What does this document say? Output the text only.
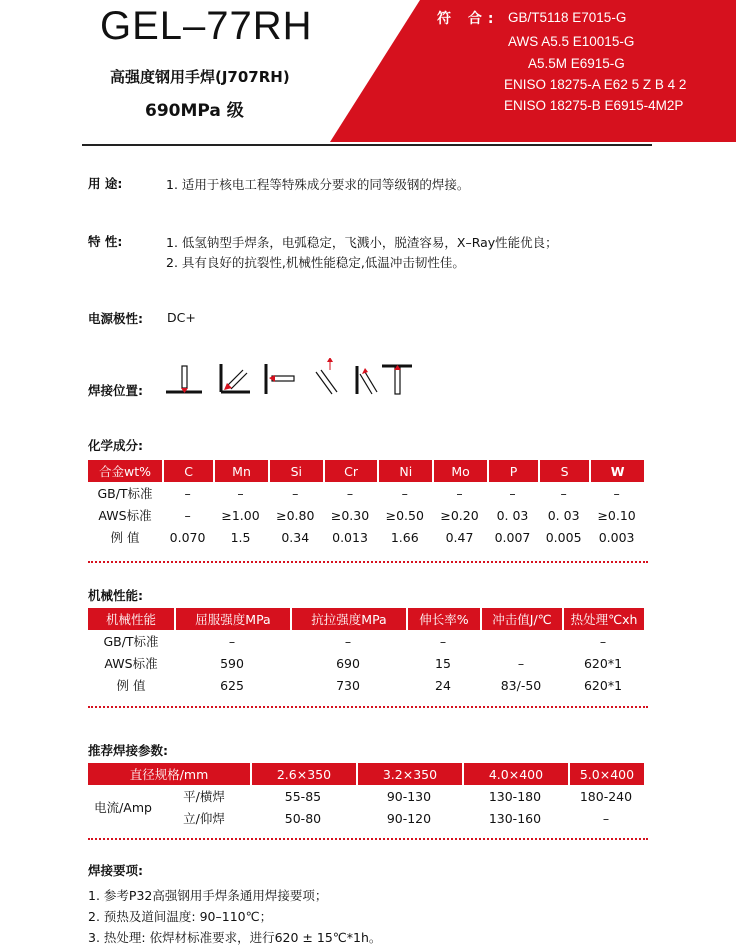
GEL–77RH
高强度钢用手焊(J707RH)
690MPa 级
符 合: GB/T5118 E7015-G
AWS A5.5 E10015-G
A5.5M E6915-G
ENISO 18275-A E62 5 Z B 4 2
ENISO 18275-B E6915-4M2P
用 途:	1. 适用于核电工程等特殊成分要求的同等级钢的焊接。
特 性:	1. 低氢钠型手焊条，电弧稳定，飞溅小，脱渣容易，X–Ray性能优良；
2. 具有良好的抗裂性,机械性能稳定,低温冲击韧性佳。
电源极性: DC+
焊接位置:
化学成分:
合金wt%	C	Mn	Si	Cr	Ni	Mo	P	S	W
GB/T标准	–	–	–	–	–	–	–	–	–
AWS标准	–	≥1.00	≥0.80	≥0.30	≥0.50	≥0.20	0. 03	0. 03	≥0.10
例 值	0.070	1.5	0.34	0.013	1.66	0.47	0.007	0.005	0.003
机械性能:
机械性能	屈服强度MPa	抗拉强度MPa	伸长率%	冲击值J/℃	热处理℃xh
GB/T标准	–	–	–		–
AWS标准	590	690	15	–	620*1
例 值	625	730	24	83/-50	620*1
推荐焊接参数:
直径规格/mm		2.6×350	3.2×350	4.0×400	5.0×400
电流/Amp	平/横焊	55-85	90-130	130-180	180-240
	立/仰焊	50-80	90-120	130-160	–
焊接要项:
1. 参考P32高强钢用手焊条通用焊接要项；
2. 预热及道间温度: 90–110℃；
3. 热处理: 依焊材标准要求，进行620 ± 15℃*1h。
